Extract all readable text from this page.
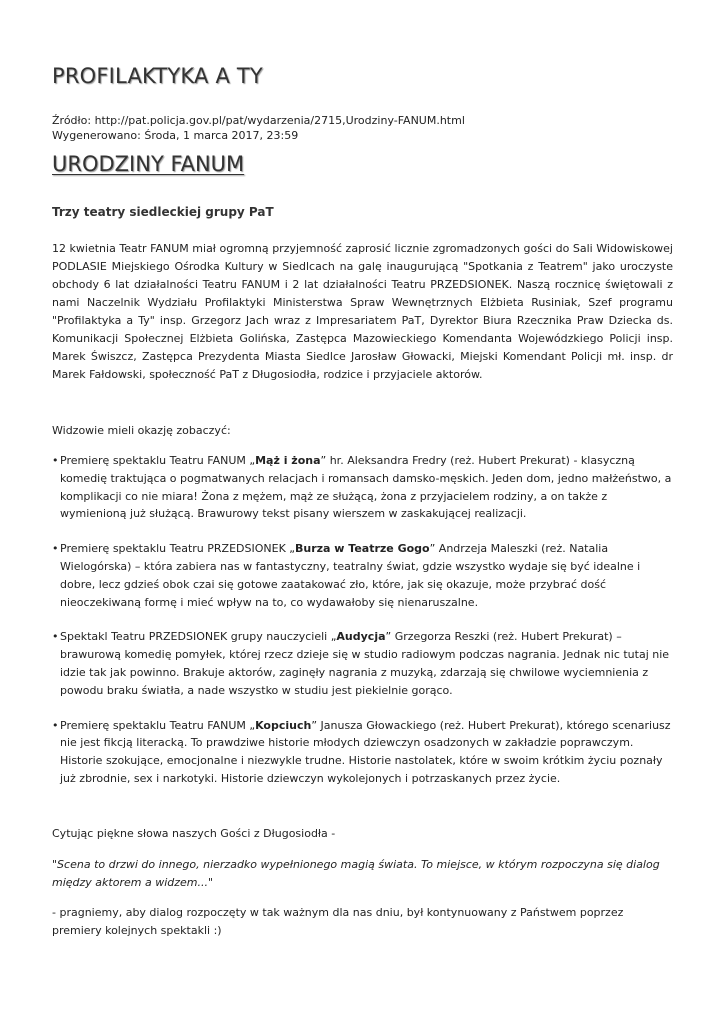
PROFILAKTYKA A TY
Źródło: http://pat.policja.gov.pl/pat/wydarzenia/2715,Urodziny-FANUM.html
Wygenerowano: Środa, 1 marca 2017, 23:59
URODZINY FANUM

Trzy teatry siedleckiej grupy PaT

12 kwietnia Teatr FANUM miał ogromną przyjemność zaprosić licznie zgromadzonych gości do Sali Widowiskowej PODLASIE Miejskiego Ośrodka Kultury w Siedlcach na galę inaugurującą "Spotkania z Teatrem" jako uroczyste obchody 6 lat działalności Teatru FANUM i 2 lat działalności Teatru PRZEDSIONEK. Naszą rocznicę świętowali z nami Naczelnik Wydziału Profilaktyki Ministerstwa Spraw Wewnętrznych Elżbieta Rusiniak, Szef programu "Profilaktyka a Ty" insp. Grzegorz Jach wraz z Impresariatem PaT, Dyrektor Biura Rzecznika Praw Dziecka ds. Komunikacji Społecznej Elżbieta Golińska, Zastępca Mazowieckiego Komendanta Wojewódzkiego Policji insp. Marek Świszcz, Zastępca Prezydenta Miasta Siedlce Jarosław Głowacki, Miejski Komendant Policji mł. insp. dr Marek Fałdowski, społeczność PaT z Długosiodła, rodzice i przyjaciele aktorów.

Widzowie mieli okazję zobaczyć:

• Premierę spektaklu Teatru FANUM „Mąż i żona” hr. Aleksandra Fredry (reż. Hubert Prekurat) - klasyczną komedię traktująca o pogmatwanych relacjach i romansach damsko-męskich. Jeden dom, jedno małżeństwo, a komplikacji co nie miara! Żona z mężem, mąż ze służącą, żona z przyjacielem rodziny, a on także z wymienioną już służącą. Brawurowy tekst pisany wierszem w zaskakującej realizacji.
• Premierę spektaklu Teatru PRZEDSIONEK „Burza w Teatrze Gogo” Andrzeja Maleszki (reż. Natalia Wielogórska) – która zabiera nas w fantastyczny, teatralny świat, gdzie wszystko wydaje się być idealne i dobre, lecz gdzieś obok czai się gotowe zaatakować zło, które, jak się okazuje, może przybrać dość nieoczekiwaną formę i mieć wpływ na to, co wydawałoby się nienaruszalne.
• Spektakl Teatru PRZEDSIONEK grupy nauczycieli „Audycja” Grzegorza Reszki (reż. Hubert Prekurat) – brawurową komedię pomyłek, której rzecz dzieje się w studio radiowym podczas nagrania. Jednak nic tutaj nie idzie tak jak powinno. Brakuje aktorów, zaginęły nagrania z muzyką, zdarzają się chwilowe wyciemnienia z powodu braku światła, a nade wszystko w studiu jest piekielnie gorąco.
• Premierę spektaklu Teatru FANUM „Kopciuch” Janusza Głowackiego (reż. Hubert Prekurat), którego scenariusz nie jest fikcją literacką. To prawdziwe historie młodych dziewczyn osadzonych w zakładzie poprawczym. Historie szokujące, emocjonalne i niezwykle trudne. Historie nastolatek, które w swoim krótkim życiu poznały już zbrodnie, sex i narkotyki. Historie dziewczyn wykolejonych i potrzaskanych przez życie.

Cytując piękne słowa naszych Gości z Długosiodła -

"Scena to drzwi do innego, nierzadko wypełnionego magią świata. To miejsce, w którym rozpoczyna się dialog między aktorem a widzem..."

- pragniemy, aby dialog rozpoczęty w tak ważnym dla nas dniu, był kontynuowany z Państwem poprzez premiery kolejnych spektakli :)
